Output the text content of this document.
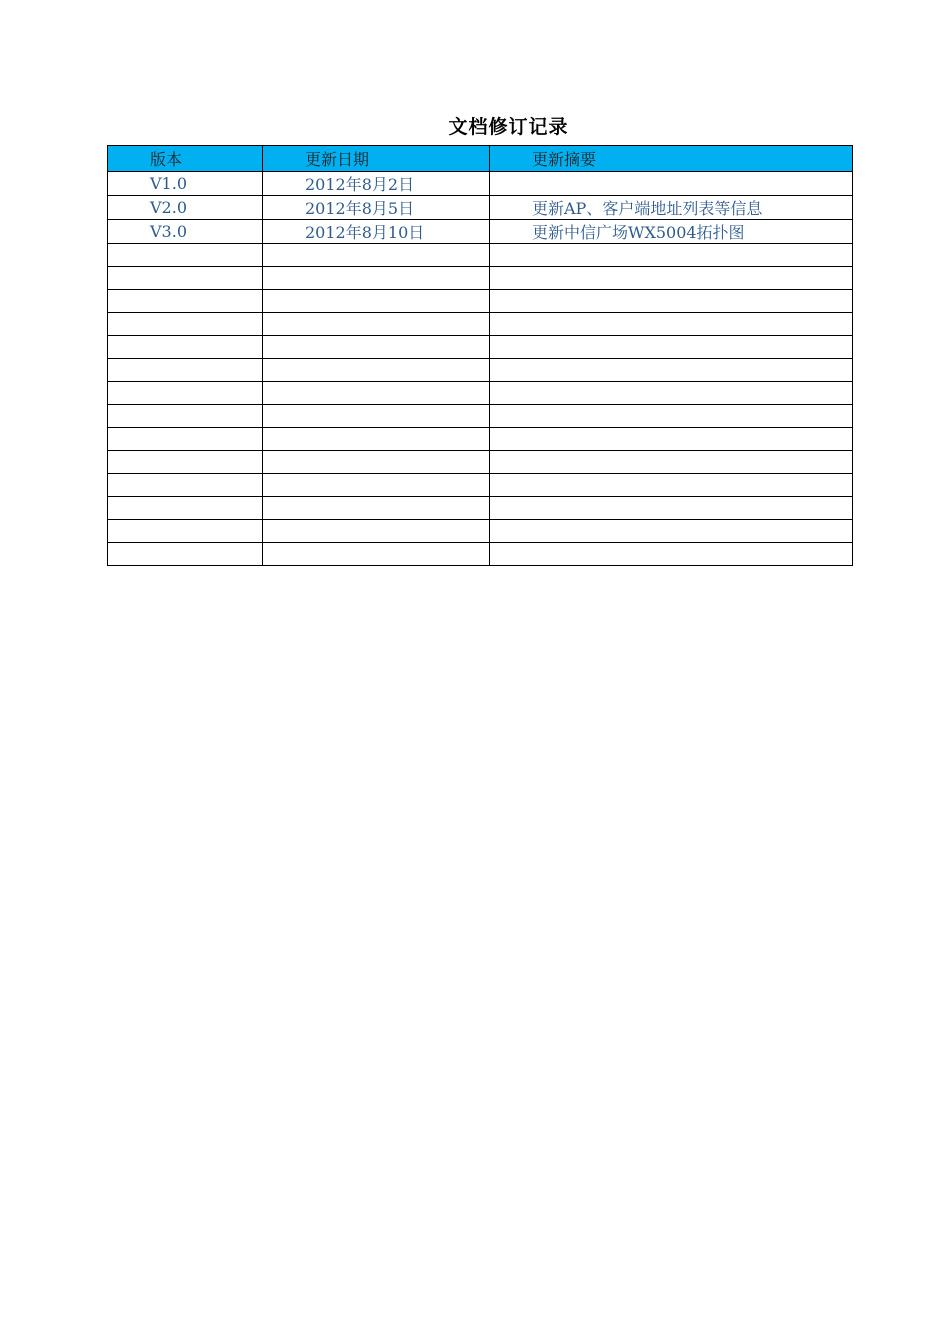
文档修订记录
版本	更新日期	更新摘要
V1.0	2012年8月2日	
V2.0	2012年8月5日	更新AP、客户端地址列表等信息
V3.0	2012年8月10日	更新中信广场WX5004拓扑图
